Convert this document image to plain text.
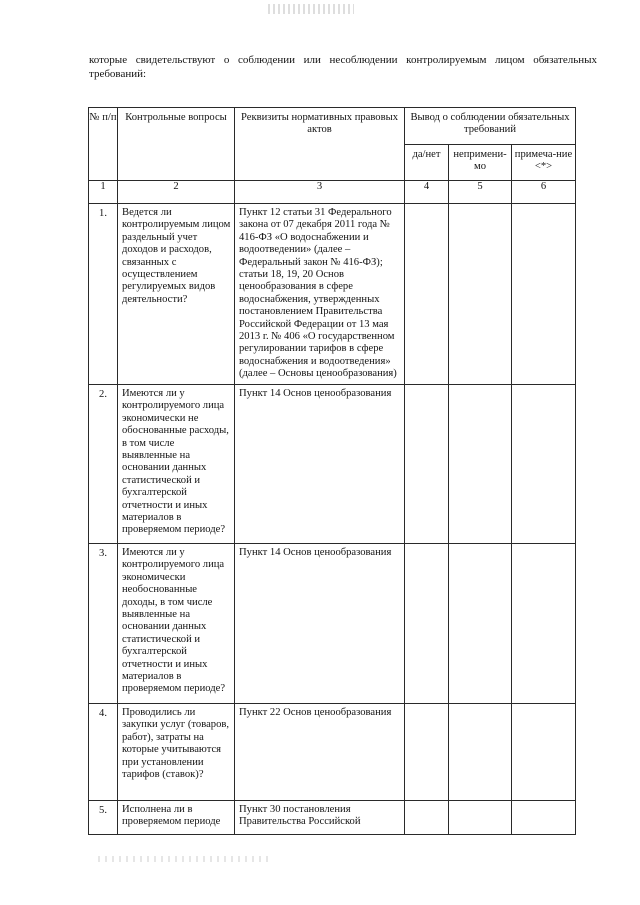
которые свидетельствуют о соблюдении или несоблюдении контролируемым лицом обязательных
требований:
№ п/п	Контрольные вопросы	Реквизиты нормативных правовых актов	Вывод о соблюдении обязательных требований		
			да/нет	непримени-мо	примеча-ние <*>
1	2	3	4	5	6
1.	Ведется ли контролируемым лицом раздельный учет доходов и расходов, связанных с осуществлением регулируемых видов деятельности?	Пункт 12 статьи 31 Федерального закона от 07 декабря 2011 года № 416-ФЗ «О водоснабжении и водоотведении» (далее – Федеральный закон № 416-ФЗ); статьи 18, 19, 20 Основ ценообразования в сфере водоснабжения, утвержденных постановлением Правительства Российской Федерации от 13 мая 2013 г. № 406 «О государственном регулировании тарифов в сфере водоснабжения и водоотведения» (далее – Основы ценообразования)			
2.	Имеются ли у контролируемого лица экономически не обоснованные расходы, в том числе выявленные на основании данных статистической и бухгалтерской отчетности и иных материалов в проверяемом периоде?	Пункт 14 Основ ценообразования			
3.	Имеются ли у контролируемого лица экономически необоснованные доходы, в том числе выявленные на основании данных статистической и бухгалтерской отчетности и иных материалов в проверяемом периоде?	Пункт 14 Основ ценообразования			
4.	Проводились ли закупки услуг (товаров, работ), затраты на которые учитываются при установлении тарифов (ставок)?	Пункт 22 Основ ценообразования			
5.	Исполнена ли в проверяемом периоде	Пункт 30 постановления Правительства Российской			
